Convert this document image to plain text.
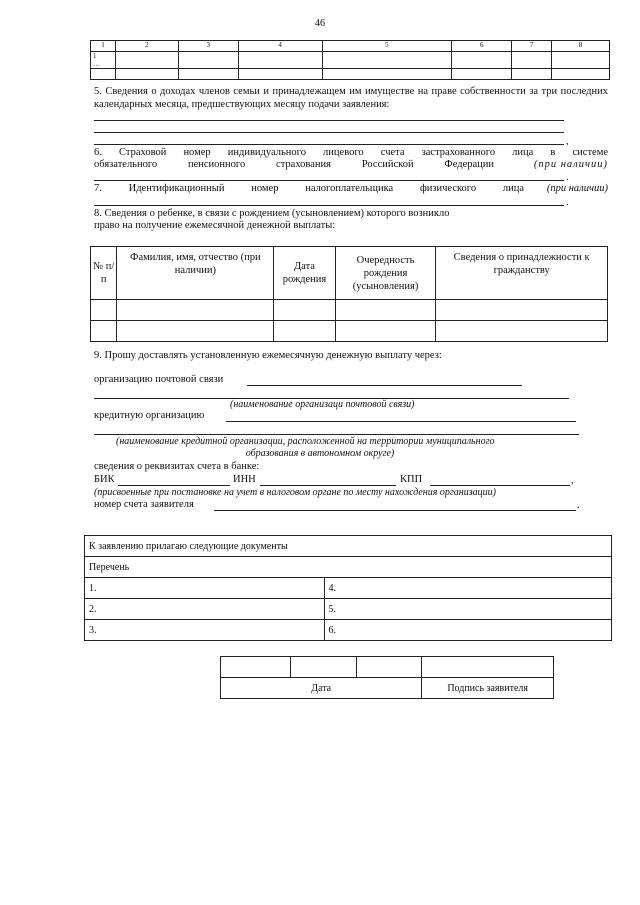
46
1	2	3	4	5	6	7	8
1
…							

5. Сведения о доходах членов семьи и принадлежащем им имуществе на праве собственности за три последних календарных месяца, предшествующих месяцу подачи заявления:
,
6. Страховой номер индивидуального лицевого счета застрахованного лица в системе
обязательного пенсионного страхования Российской Федерации	(при наличии)
.
7. Идентификационный номер налогоплательщика физического лица (при наличии)
.
8. Сведения о ребенке, в связи с рождением (усыновлением) которого возникло
право на получение ежемесячной денежной выплаты:
№ п/п	Фамилия, имя, отчество (при наличии)	Дата рождения	Очередность рождения (усыновления)	Сведения о принадлежности к гражданству

9. Прошу доставлять установленную ежемесячную денежную выплату через:
организацию почтовой связи
(наименование организаци почтовой связи)
кредитную организацию
(наименование кредитной организации, расположенной на территории муниципального
образования в автономном округе)
сведения о реквизитах счета в банке:
БИК	ИНН	КПП	,
(присвоенные при постановке на учет в налоговом органе по месту нахождения организации)
номер счета заявителя	.
К заявлению прилагаю следующие документы	
Перечень	
1.	4.
2.	5.
3.	6.

Дата			Подпись заявителя
